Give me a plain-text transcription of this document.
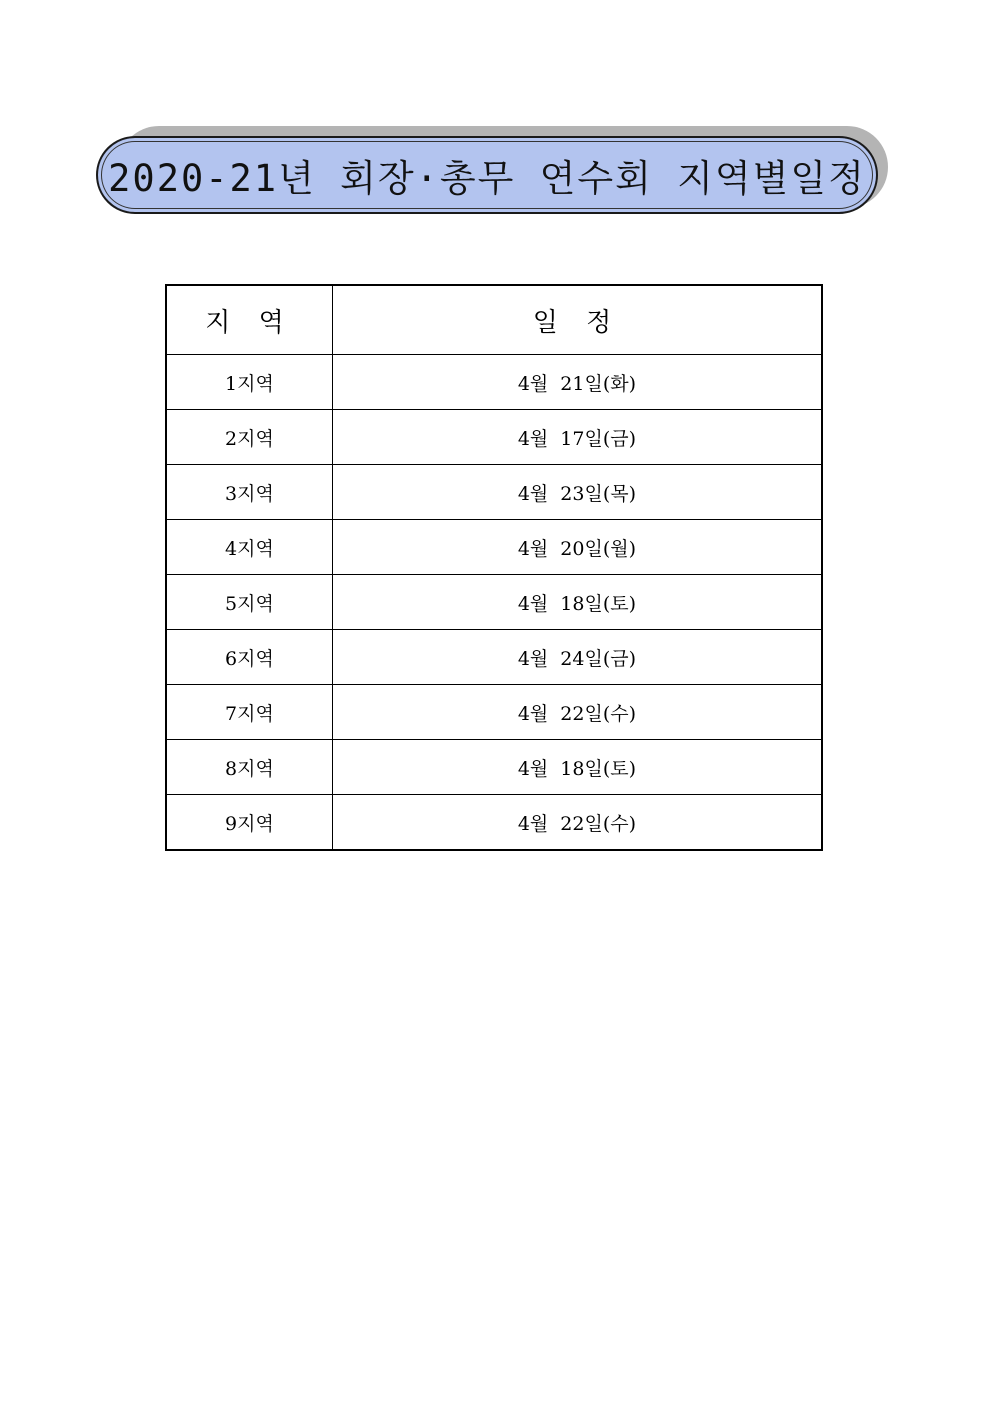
2020-21년 회장·총무 연수회 지역별일정
지 역	일 정
1지역	4월 21일(화)
2지역	4월 17일(금)
3지역	4월 23일(목)
4지역	4월 20일(월)
5지역	4월 18일(토)
6지역	4월 24일(금)
7지역	4월 22일(수)
8지역	4월 18일(토)
9지역	4월 22일(수)
